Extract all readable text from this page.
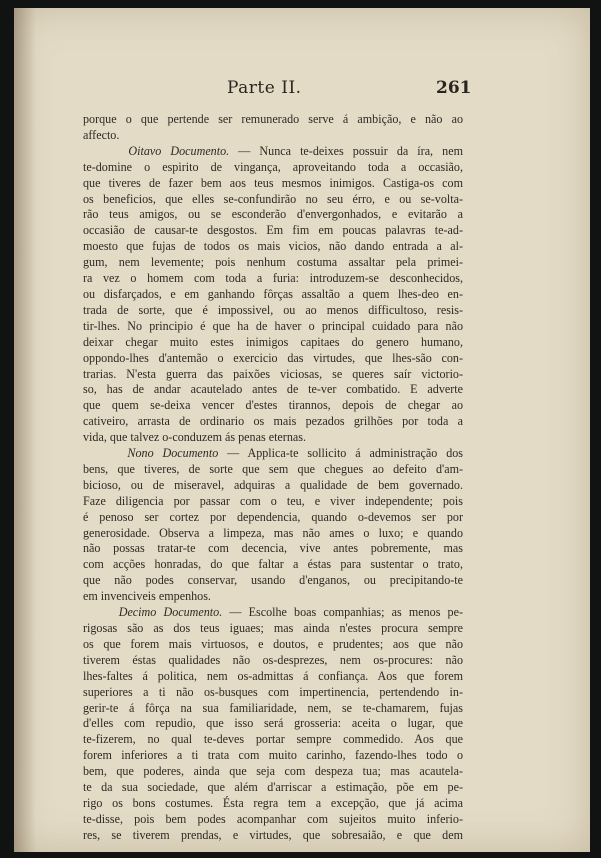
Parte II.	261
porque o que pertende ser remunerado serve á ambição, e não ao
affecto.
Oitavo Documento. — Nunca te-deixes possuir da íra, nem
te-domine o espirito de vingança, aproveitando toda a occasião,
que tiveres de fazer bem aos teus mesmos inimigos. Castiga-os com
os beneficios, que elles se-confundirão no seu érro, e ou se-volta-
rão teus amigos, ou se esconderão d'envergonhados, e evitarão a
occasião de causar-te desgostos. Em fim em poucas palavras te-ad-
moesto que fujas de todos os mais vicios, não dando entrada a al-
gum, nem levemente; pois nenhum costuma assaltar pela primei-
ra vez o homem com toda a furia: introduzem-se desconhecidos,
ou disfarçados, e em ganhando fôrças assaltão a quem lhes-deo en-
trada de sorte, que é impossivel, ou ao menos difficultoso, resis-
tir-lhes. No principio é que ha de haver o principal cuidado para não
deixar chegar muito estes inimigos capitaes do genero humano,
oppondo-lhes d'antemão o exercicio das virtudes, que lhes-são con-
trarias. N'esta guerra das paixões viciosas, se queres saír victorio-
so, has de andar acautelado antes de te-ver combatido. E adverte
que quem se-deixa vencer d'estes tirannos, depois de chegar ao
cativeiro, arrasta de ordinario os mais pezados grilhões por toda a
vida, que talvez o-conduzem ás penas eternas.
Nono Documento — Applica-te sollicito á administração dos
bens, que tiveres, de sorte que sem que chegues ao defeito d'am-
bicioso, ou de miseravel, adquiras a qualidade de bem governado.
Faze diligencia por passar com o teu, e viver independente; pois
é penoso ser cortez por dependencia, quando o-devemos ser por
generosidade. Observa a limpeza, mas não ames o luxo; e quando
não possas tratar-te com decencia, vive antes pobremente, mas
com acções honradas, do que faltar a éstas para sustentar o trato,
que não podes conservar, usando d'enganos, ou precipitando-te
em invenciveis empenhos.
Decimo Documento. — Escolhe boas companhias; as menos pe-
rigosas são as dos teus iguaes; mas ainda n'estes procura sempre
os que forem mais virtuosos, e doutos, e prudentes; aos que não
tiverem éstas qualidades não os-desprezes, nem os-procures: não
lhes-faltes á politica, nem os-admittas á confiança. Aos que forem
superiores a ti não os-busques com impertinencia, pertendendo in-
gerir-te á fôrça na sua familiaridade, nem, se te-chamarem, fujas
d'elles com repudio, que isso será grosseria: aceita o lugar, que
te-fizerem, no qual te-deves portar sempre commedido. Aos que
forem inferiores a ti trata com muito carinho, fazendo-lhes todo o
bem, que poderes, ainda que seja com despeza tua; mas acautela-
te da sua sociedade, que além d'arriscar a estimação, põe em pe-
rigo os bons costumes. Ésta regra tem a excepção, que já acima
te-disse, pois bem podes acompanhar com sujeitos muito inferio-
res, se tiverem prendas, e virtudes, que sobresaião, e que dem
